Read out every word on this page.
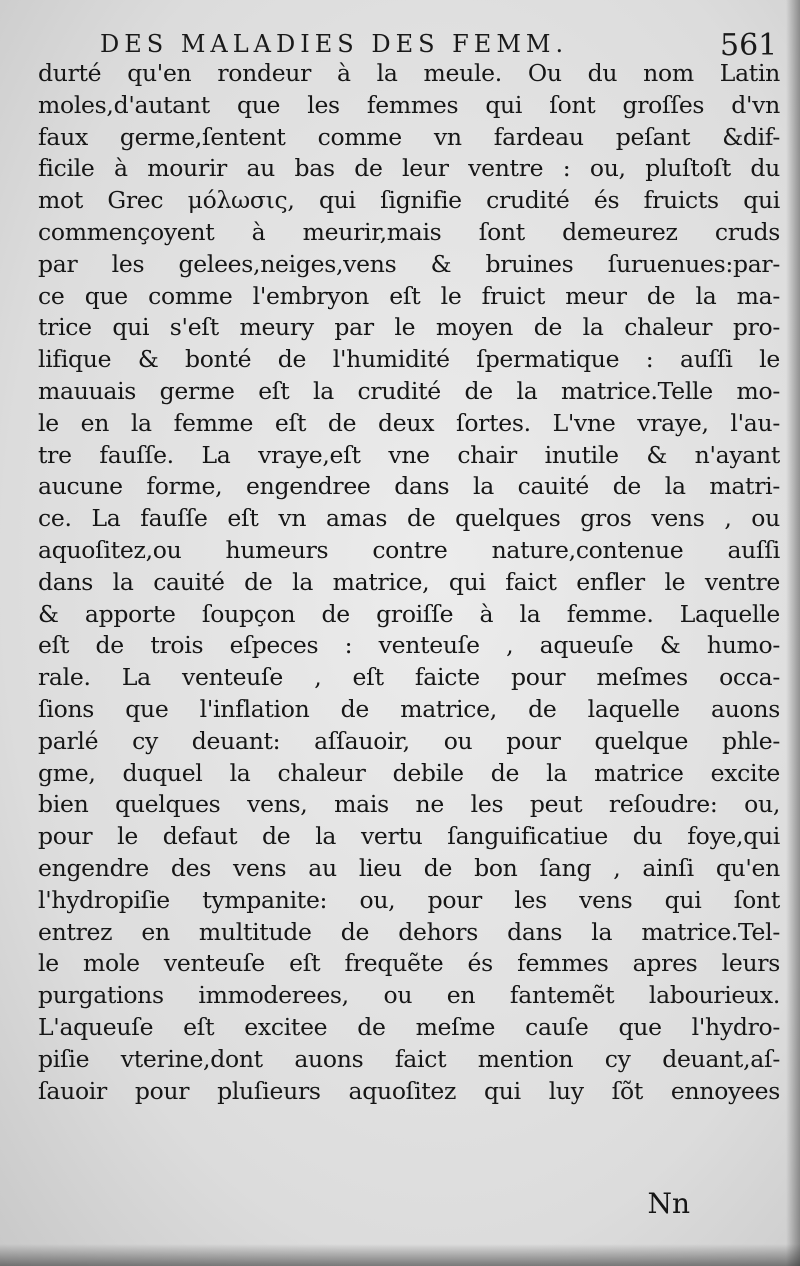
DES MALADIES DES FEMM.	561
durté qu'en rondeur à la meule. Ou du nom Latin
moles,d'autant que les femmes qui ſont groſſes d'vn
faux germe,ſentent comme vn fardeau peſant &dif-
ficile à mourir au bas de leur ventre : ou, pluſtoſt du
mot Grec μόλωσις, qui ſignifie crudité és fruicts qui
commençoyent à meurir,mais ſont demeurez cruds
par les gelees,neiges,vens & bruines ſuruenues:par-
ce que comme l'embryon eſt le fruict meur de la ma-
trice qui s'eſt meury par le moyen de la chaleur pro-
lifique & bonté de l'humidité ſpermatique : auſſi le
mauuais germe eſt la crudité de la matrice.Telle mo-
le en la femme eſt de deux ſortes. L'vne vraye, l'au-
tre fauſſe. La vraye,eſt vne chair inutile & n'ayant
aucune forme, engendree dans la cauité de la matri-
ce. La fauſſe eſt vn amas de quelques gros vens , ou
aquoſitez,ou humeurs contre nature,contenue auſſi
dans la cauité de la matrice, qui faict enfler le ventre
& apporte ſoupçon de groiſſe à la femme. Laquelle
eſt de trois eſpeces : venteuſe , aqueuſe & humo-
rale. La venteuſe , eſt faicte pour meſmes occa-
ſions que l'inflation de matrice, de laquelle auons
parlé cy deuant: aſſauoir, ou pour quelque phle-
gme, duquel la chaleur debile de la matrice excite
bien quelques vens, mais ne les peut reſoudre: ou,
pour le defaut de la vertu ſanguificatiue du foye,qui
engendre des vens au lieu de bon ſang , ainſi qu'en
l'hydropiſie tympanite: ou, pour les vens qui ſont
entrez en multitude de dehors dans la matrice.Tel-
le mole venteuſe eſt frequẽte és femmes apres leurs
purgations immoderees, ou en fantemẽt labourieux.
L'aqueuſe eſt excitee de meſme cauſe que l'hydro-
piſie vterine,dont auons faict mention cy deuant,aſ-
ſauoir pour pluſieurs aquoſitez qui luy ſõt ennoyees
Nn
